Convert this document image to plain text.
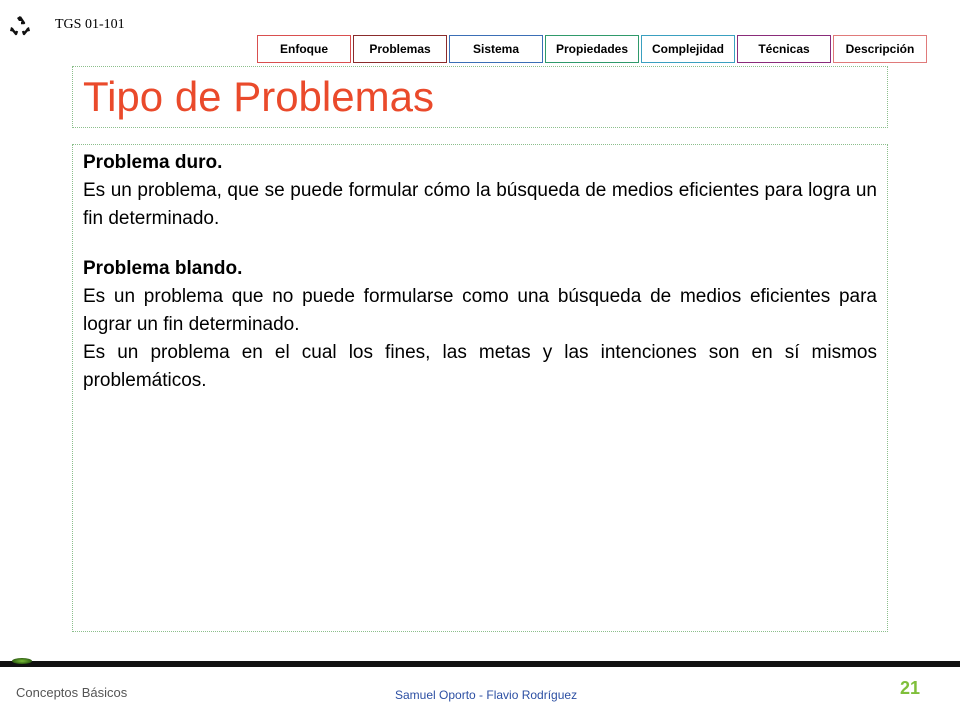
TGS 01-101
Enfoque	Problemas	Sistema	Propiedades	Complejidad	Técnicas	Descripción
Tipo de Problemas

Problema duro.

Es un problema, que se puede formular cómo la búsqueda de medios eficientes para logra un fin determinado.

Problema blando.

Es un problema que no puede formularse como una búsqueda de medios eficientes para lograr un fin determinado.

Es un problema en el cual los fines, las metas y las intenciones son en sí mismos problemáticos.

Conceptos Básicos	Samuel Oporto - Flavio Rodríguez	21
